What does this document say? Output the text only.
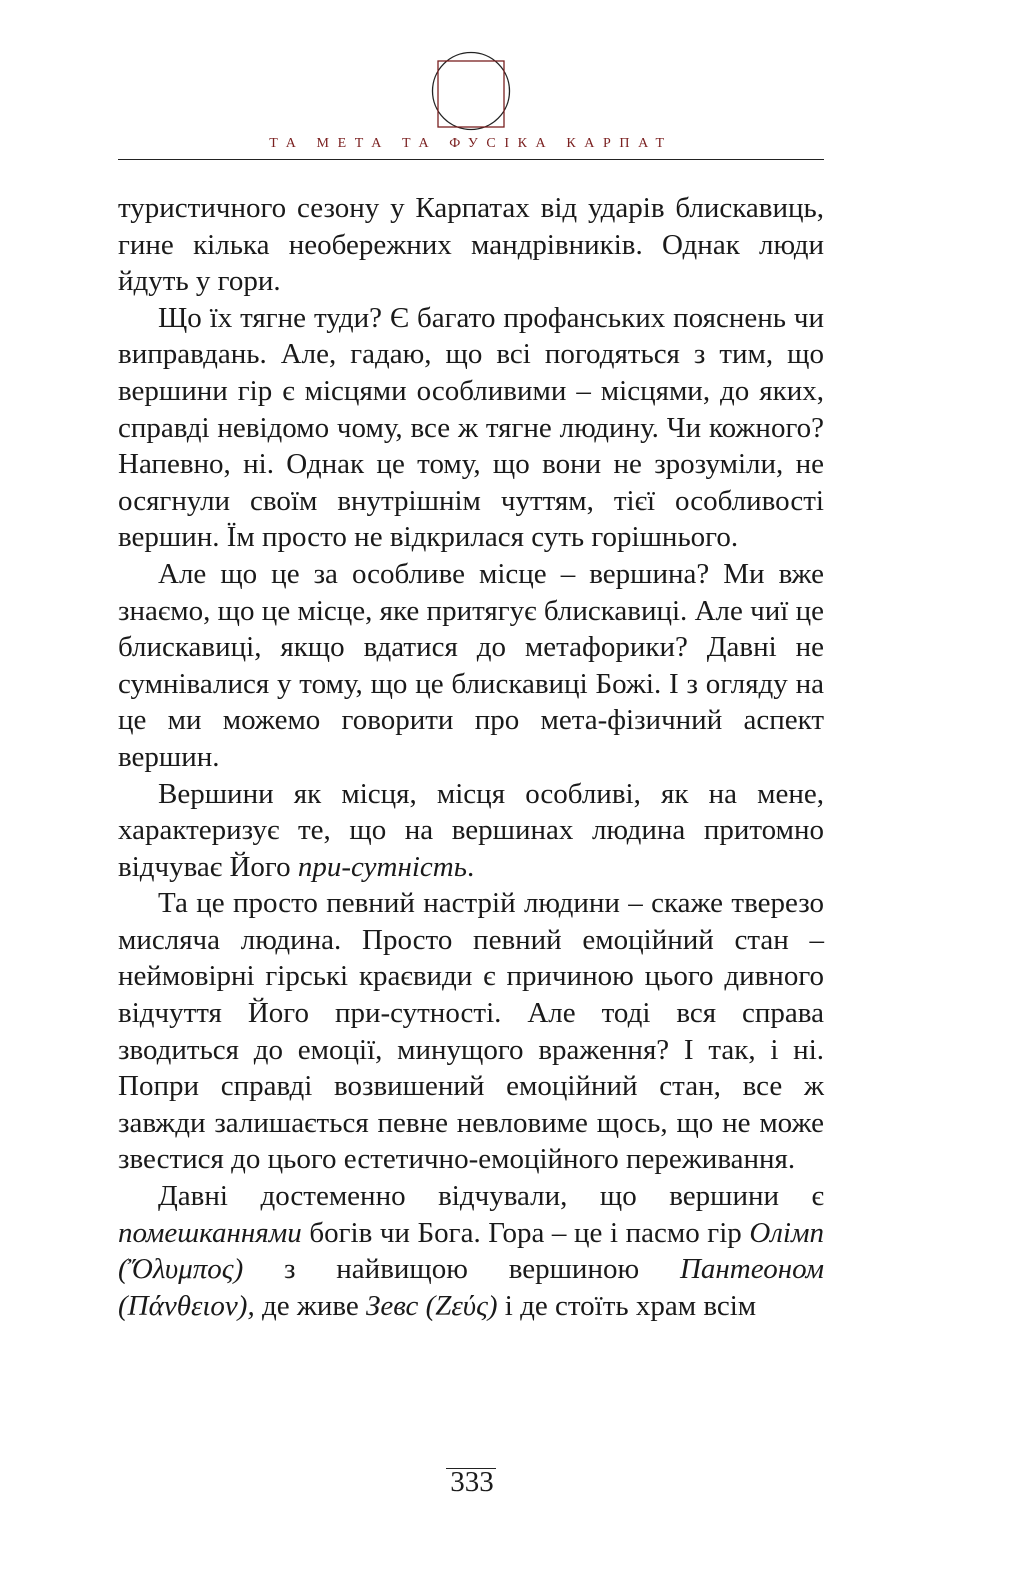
ТА МЕТА ТА ФУСІКА КАРПАТ

туристичного сезону у Карпатах від ударів блискавиць, гине кілька необережних мандрівників. Однак люди йдуть у гори.

Що їх тягне туди? Є багато профанських пояснень чи виправдань. Але, гадаю, що всі погодяться з тим, що вершини гір є місцями особливими – місцями, до яких, справді невідомо чому, все ж тягне людину. Чи кожного? Напевно, ні. Однак це тому, що вони не зрозуміли, не осягнули своїм внутрішнім чуттям, тієї особливості вершин. Їм просто не відкрилася суть горішнього.

Але що це за особливе місце – вершина? Ми вже знаємо, що це місце, яке притягує блискавиці. Але чиї це блискавиці, якщо вдатися до метафорики? Давні не сумнівалися у тому, що це блискавиці Божі. І з огляду на це ми можемо говорити про мета-фізичний аспект вершин.

Вершини як місця, місця особливі, як на мене, характеризує те, що на вершинах людина притомно відчуває Його при-сутність.

Та це просто певний настрій людини – скаже тверезо мисляча людина. Просто певний емоційний стан – неймовірні гірські краєвиди є причиною цього дивного відчуття Його при-сутності. Але тоді вся справа зводиться до емоції, минущого враження? І так, і ні. Попри справді возвишений емоційний стан, все ж завжди залишається певне невловиме щось, що не може звестися до цього естетично-емоційного переживання.

Давні достеменно відчували, що вершини є помешканнями богів чи Бога. Гора – це і пасмо гір Олімп (Ὄλυμπος) з найвищою вершиною Пантеоном (Πάνθειον), де живе Зевс (Ζεύς) і де стоїть храм всім

333
